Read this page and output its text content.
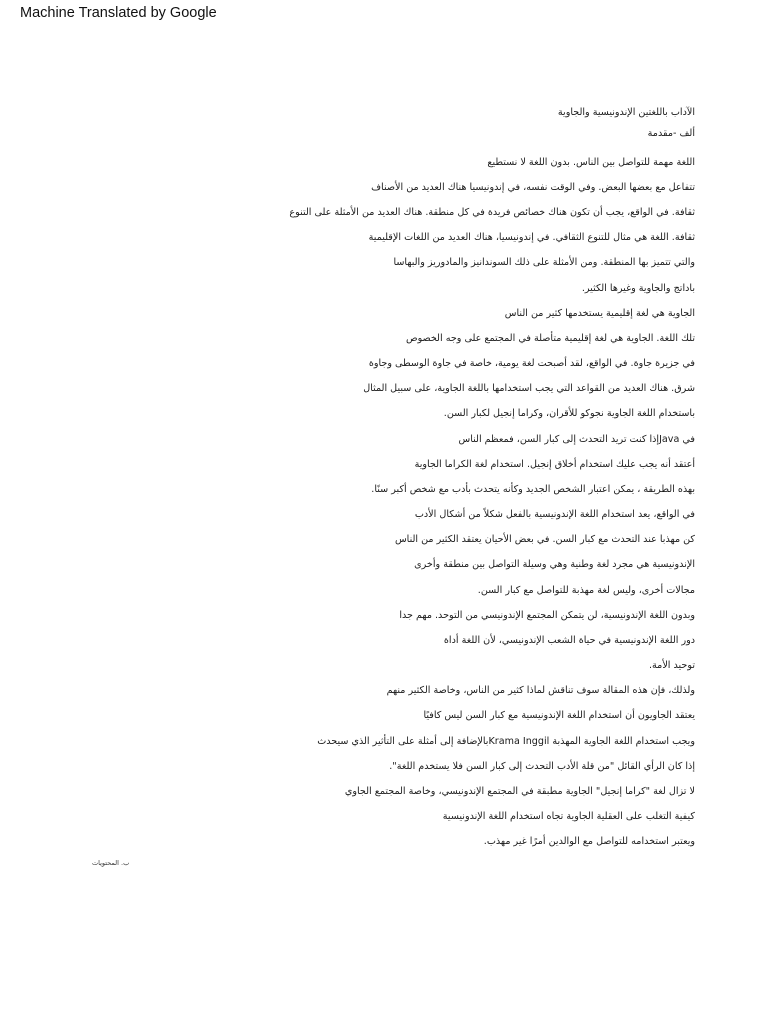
Machine Translated by Google
الآداب باللغتين الإندونيسية والجاوية
ألف -مقدمة
اللغة مهمة للتواصل بين الناس. بدون اللغة لا نستطيع
تتفاعل مع بعضها البعض. وفي الوقت نفسه، في إندونيسيا هناك العديد من الأصناف
ثقافة. في الواقع، يجب أن تكون هناك خصائص فريدة في كل منطقة. هناك العديد من الأمثلة على التنوع
ثقافة. اللغة هي مثال للتنوع الثقافي. في إندونيسيا، هناك العديد من اللغات الإقليمية
والتي تتميز بها المنطقة. ومن الأمثلة على ذلك السوندانيز والمادوريز والبهاسا
باداتج والجاوية وغيرها الكثير.
الجاوية هي لغة إقليمية يستخدمها كثير من الناس
تلك اللغة. الجاوية هي لغة إقليمية متأصلة في المجتمع على وجه الخصوص
في جزيرة جاوة. في الواقع، لقد أصبحت لغة يومية، خاصة في جاوة الوسطى وجاوة
شرق. هناك العديد من القواعد التي يجب استخدامها باللغة الجاوية، على سبيل المثال
باستخدام اللغة الجاوية نجوكو للأقران، وكراما إنجيل لكبار السن.
في Javaإذا كنت تريد التحدث إلى كبار السن، فمعظم الناس
أعتقد أنه يجب عليك استخدام أخلاق إنجيل. استخدام لغة الكراما الجاوية
بهذه الطريقة ، يمكن اعتبار الشخص الجديد وكأنه يتحدث بأدب مع شخص أكبر سنًا.
في الواقع، يعد استخدام اللغة الإندونيسية بالفعل شكلاً من أشكال الأدب
كن مهذبا عند التحدث مع كبار السن. في بعض الأحيان يعتقد الكثير من الناس
الإندونيسية هي مجرد لغة وطنية وهي وسيلة التواصل بين منطقة وأخرى
مجالات أخرى، وليس لغة مهذبة للتواصل مع كبار السن.
وبدون اللغة الإندونيسية، لن يتمكن المجتمع الإندونيسي من التوحد. مهم جدا
دور اللغة الإندونيسية في حياة الشعب الإندونيسي، لأن اللغة أداة
توحيد الأمة.
ولذلك، فإن هذه المقالة سوف تناقش لماذا كثير من الناس، وخاصة الكثير منهم
يعتقد الجاويون أن استخدام اللغة الإندونيسية مع كبار السن ليس كافيًا
ويجب استخدام اللغة الجاوية المهذبة Krama Inggilبالإضافة إلى أمثلة على التأثير الذي سيحدث
إذا كان الرأي القائل "من قلة الأدب التحدث إلى كبار السن فلا يستخدم اللغة".
لا تزال لغة "كراما إنجيل" الجاوية مطبقة في المجتمع الإندونيسي، وخاصة المجتمع الجاوي
كيفية التغلب على العقلية الجاوية تجاه استخدام اللغة الإندونيسية
ويعتبر استخدامه للتواصل مع الوالدين أمرًا غير مهذب.
ب. المحتويات
